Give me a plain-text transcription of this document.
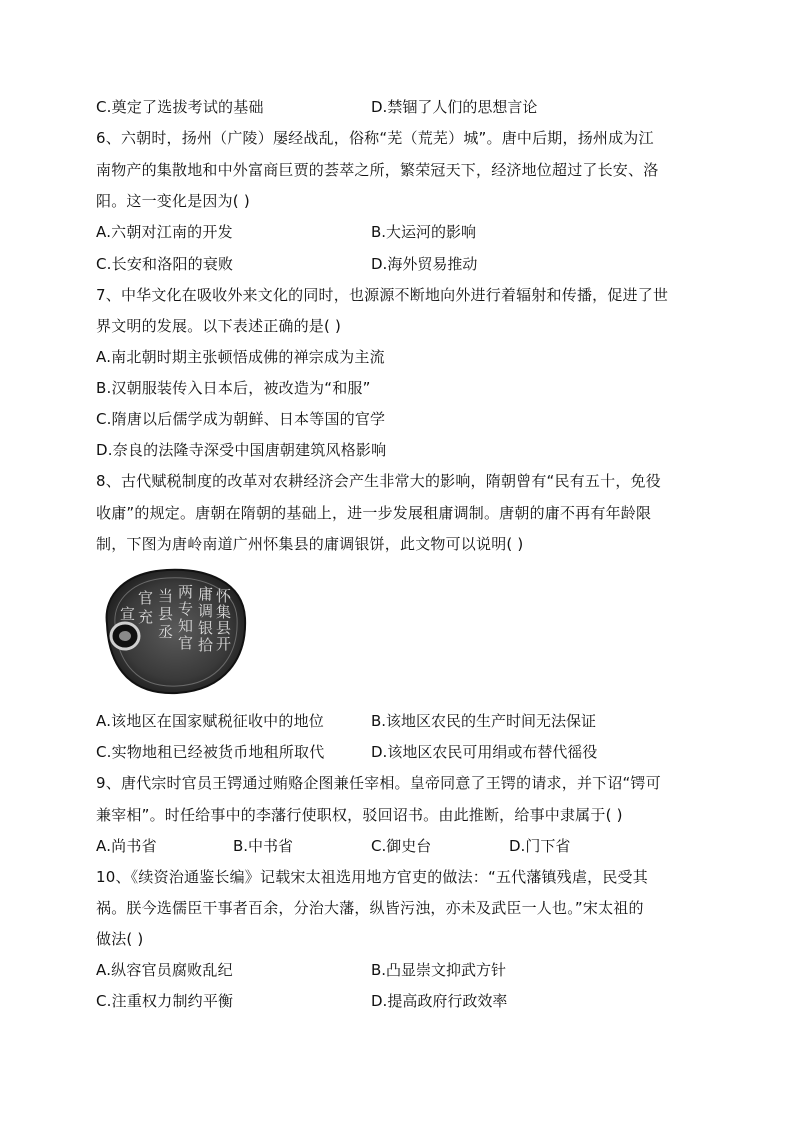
C.奠定了选拔考试的基础	D.禁锢了人们的思想言论
6、六朝时，扬州（广陵）屡经战乱，俗称“芜（荒芜）城”。唐中后期，扬州成为江
南物产的集散地和中外富商巨贾的荟萃之所，繁荣冠天下，经济地位超过了长安、洛
阳。这一变化是因为( )
A.六朝对江南的开发	B.大运河的影响
C.长安和洛阳的衰败	D.海外贸易推动
7、中华文化在吸收外来文化的同时，也源源不断地向外进行着辐射和传播，促进了世
界文明的发展。以下表述正确的是( )
A.南北朝时期主张顿悟成佛的禅宗成为主流
B.汉朝服装传入日本后，被改造为“和服”
C.隋唐以后儒学成为朝鲜、日本等国的官学
D.奈良的法隆寺深受中国唐朝建筑风格影响
8、古代赋税制度的改革对农耕经济会产生非常大的影响，隋朝曾有“民有五十，免役
收庸”的规定。唐朝在隋朝的基础上，进一步发展租庸调制。唐朝的庸不再有年龄限
制，下图为唐岭南道广州怀集县的庸调银饼，此文物可以说明( )
怀集县开
庸调银拾
两专知官
当县丞
官充
宣
A.该地区在国家赋税征收中的地位	B.该地区农民的生产时间无法保证
C.实物地租已经被货币地租所取代	D.该地区农民可用绢或布替代徭役
9、唐代宗时官员王锷通过贿赂企图兼任宰相。皇帝同意了王锷的请求，并下诏“锷可
兼宰相”。时任给事中的李藩行使职权，驳回诏书。由此推断，给事中隶属于( )
A.尚书省	B.中书省	C.御史台	D.门下省
10、《续资治通鉴长编》记载宋太祖选用地方官吏的做法：“五代藩镇残虐，民受其
祸。朕今选儒臣干事者百余，分治大藩，纵皆污浊，亦未及武臣一人也。”宋太祖的
做法( )
A.纵容官员腐败乱纪	B.凸显崇文抑武方针
C.注重权力制约平衡	D.提高政府行政效率
